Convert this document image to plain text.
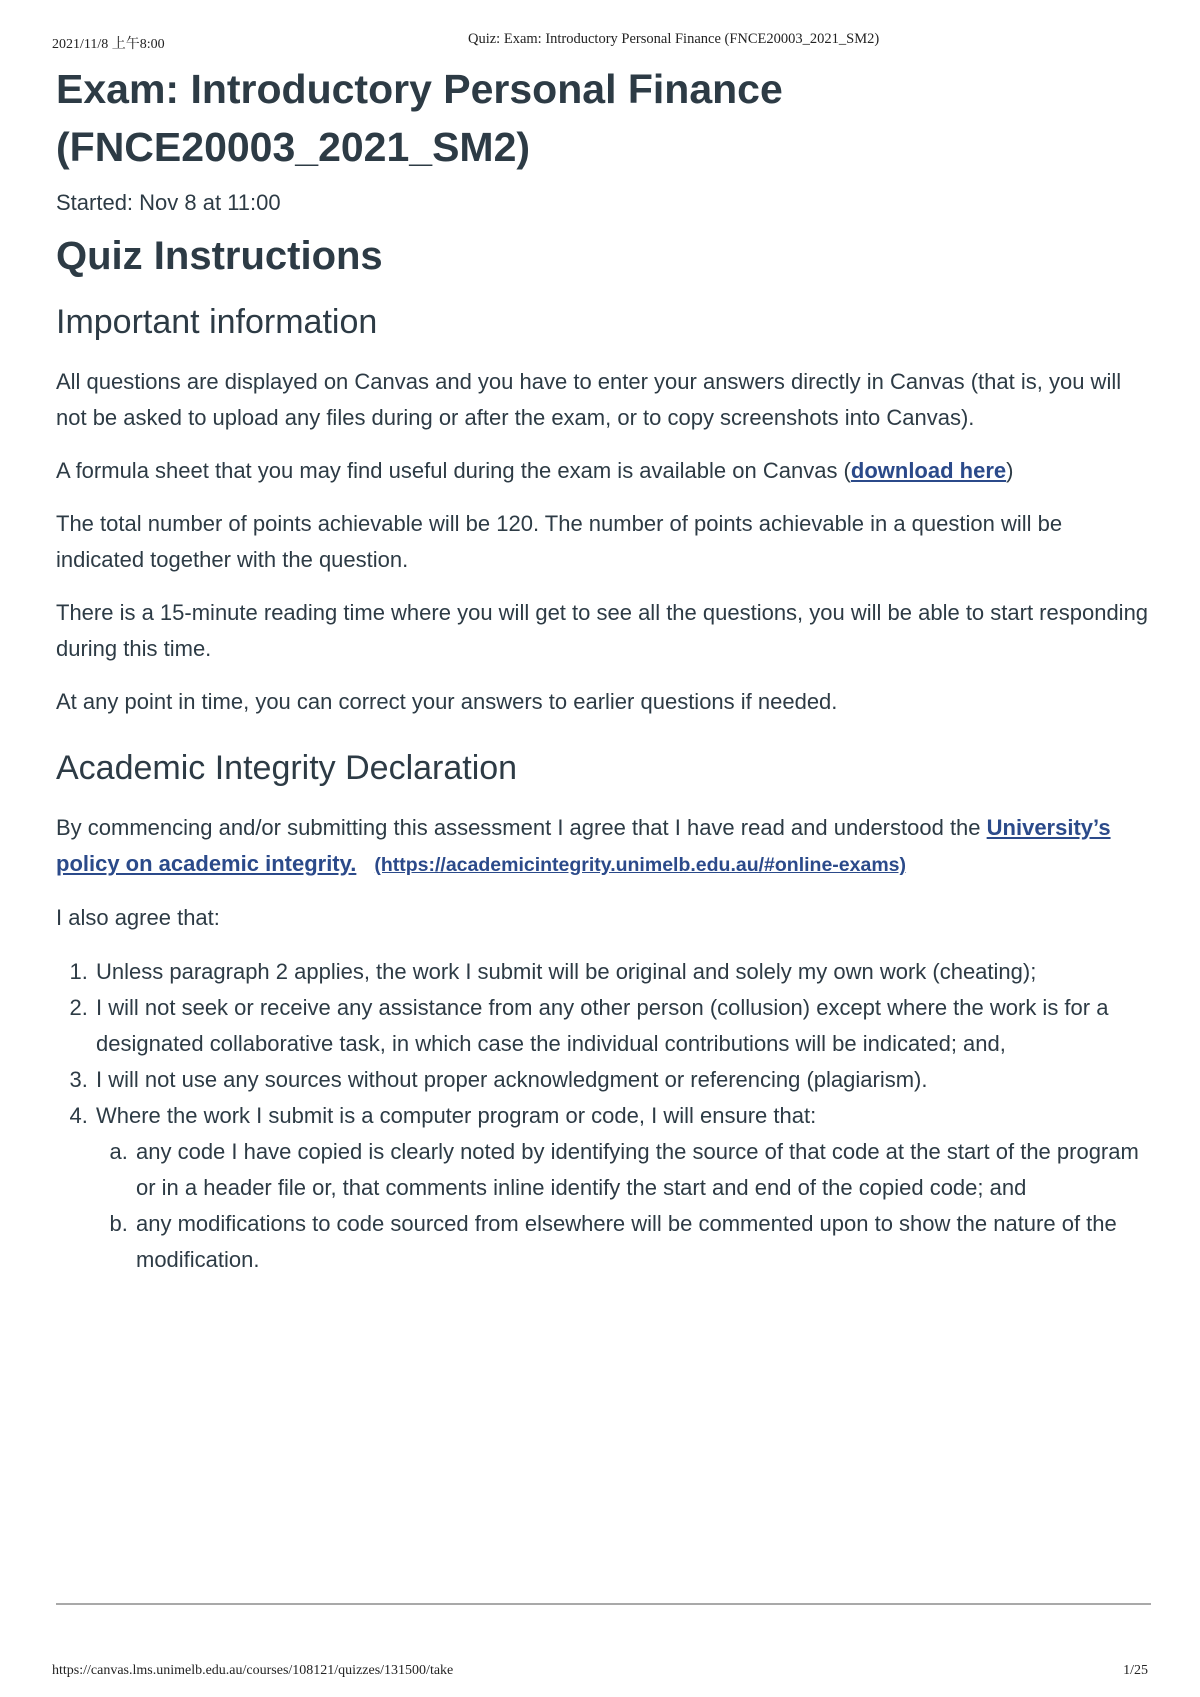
2021/11/8 上午8:00	Quiz: Exam: Introductory Personal Finance (FNCE20003_2021_SM2)
Exam: Introductory Personal Finance
(FNCE20003_2021_SM2)
Started: Nov 8 at 11:00
Quiz Instructions
Important information

All questions are displayed on Canvas and you have to enter your answers directly in Canvas (that is, you will not be asked to upload any files during or after the exam, or to copy screenshots into Canvas).

A formula sheet that you may find useful during the exam is available on Canvas (download here)

The total number of points achievable will be 120. The number of points achievable in a question will be indicated together with the question.

There is a 15-minute reading time where you will get to see all the questions, you will be able to start responding during this time.

At any point in time, you can correct your answers to earlier questions if needed.

Academic Integrity Declaration

By commencing and/or submitting this assessment I agree that I have read and understood the University’s policy on academic integrity. (https://academicintegrity.unimelb.edu.au/#online-exams)

I also agree that:

1. Unless paragraph 2 applies, the work I submit will be original and solely my own work (cheating);
2. I will not seek or receive any assistance from any other person (collusion) except where the work is for a designated collaborative task, in which case the individual contributions will be indicated; and,
3. I will not use any sources without proper acknowledgment or referencing (plagiarism).
4. Where the work I submit is a computer program or code, I will ensure that:
a. any code I have copied is clearly noted by identifying the source of that code at the start of the program or in a header file or, that comments inline identify the start and end of the copied code; and
b. any modifications to code sourced from elsewhere will be commented upon to show the nature of the modification.
https://canvas.lms.unimelb.edu.au/courses/108121/quizzes/131500/take	1/25
